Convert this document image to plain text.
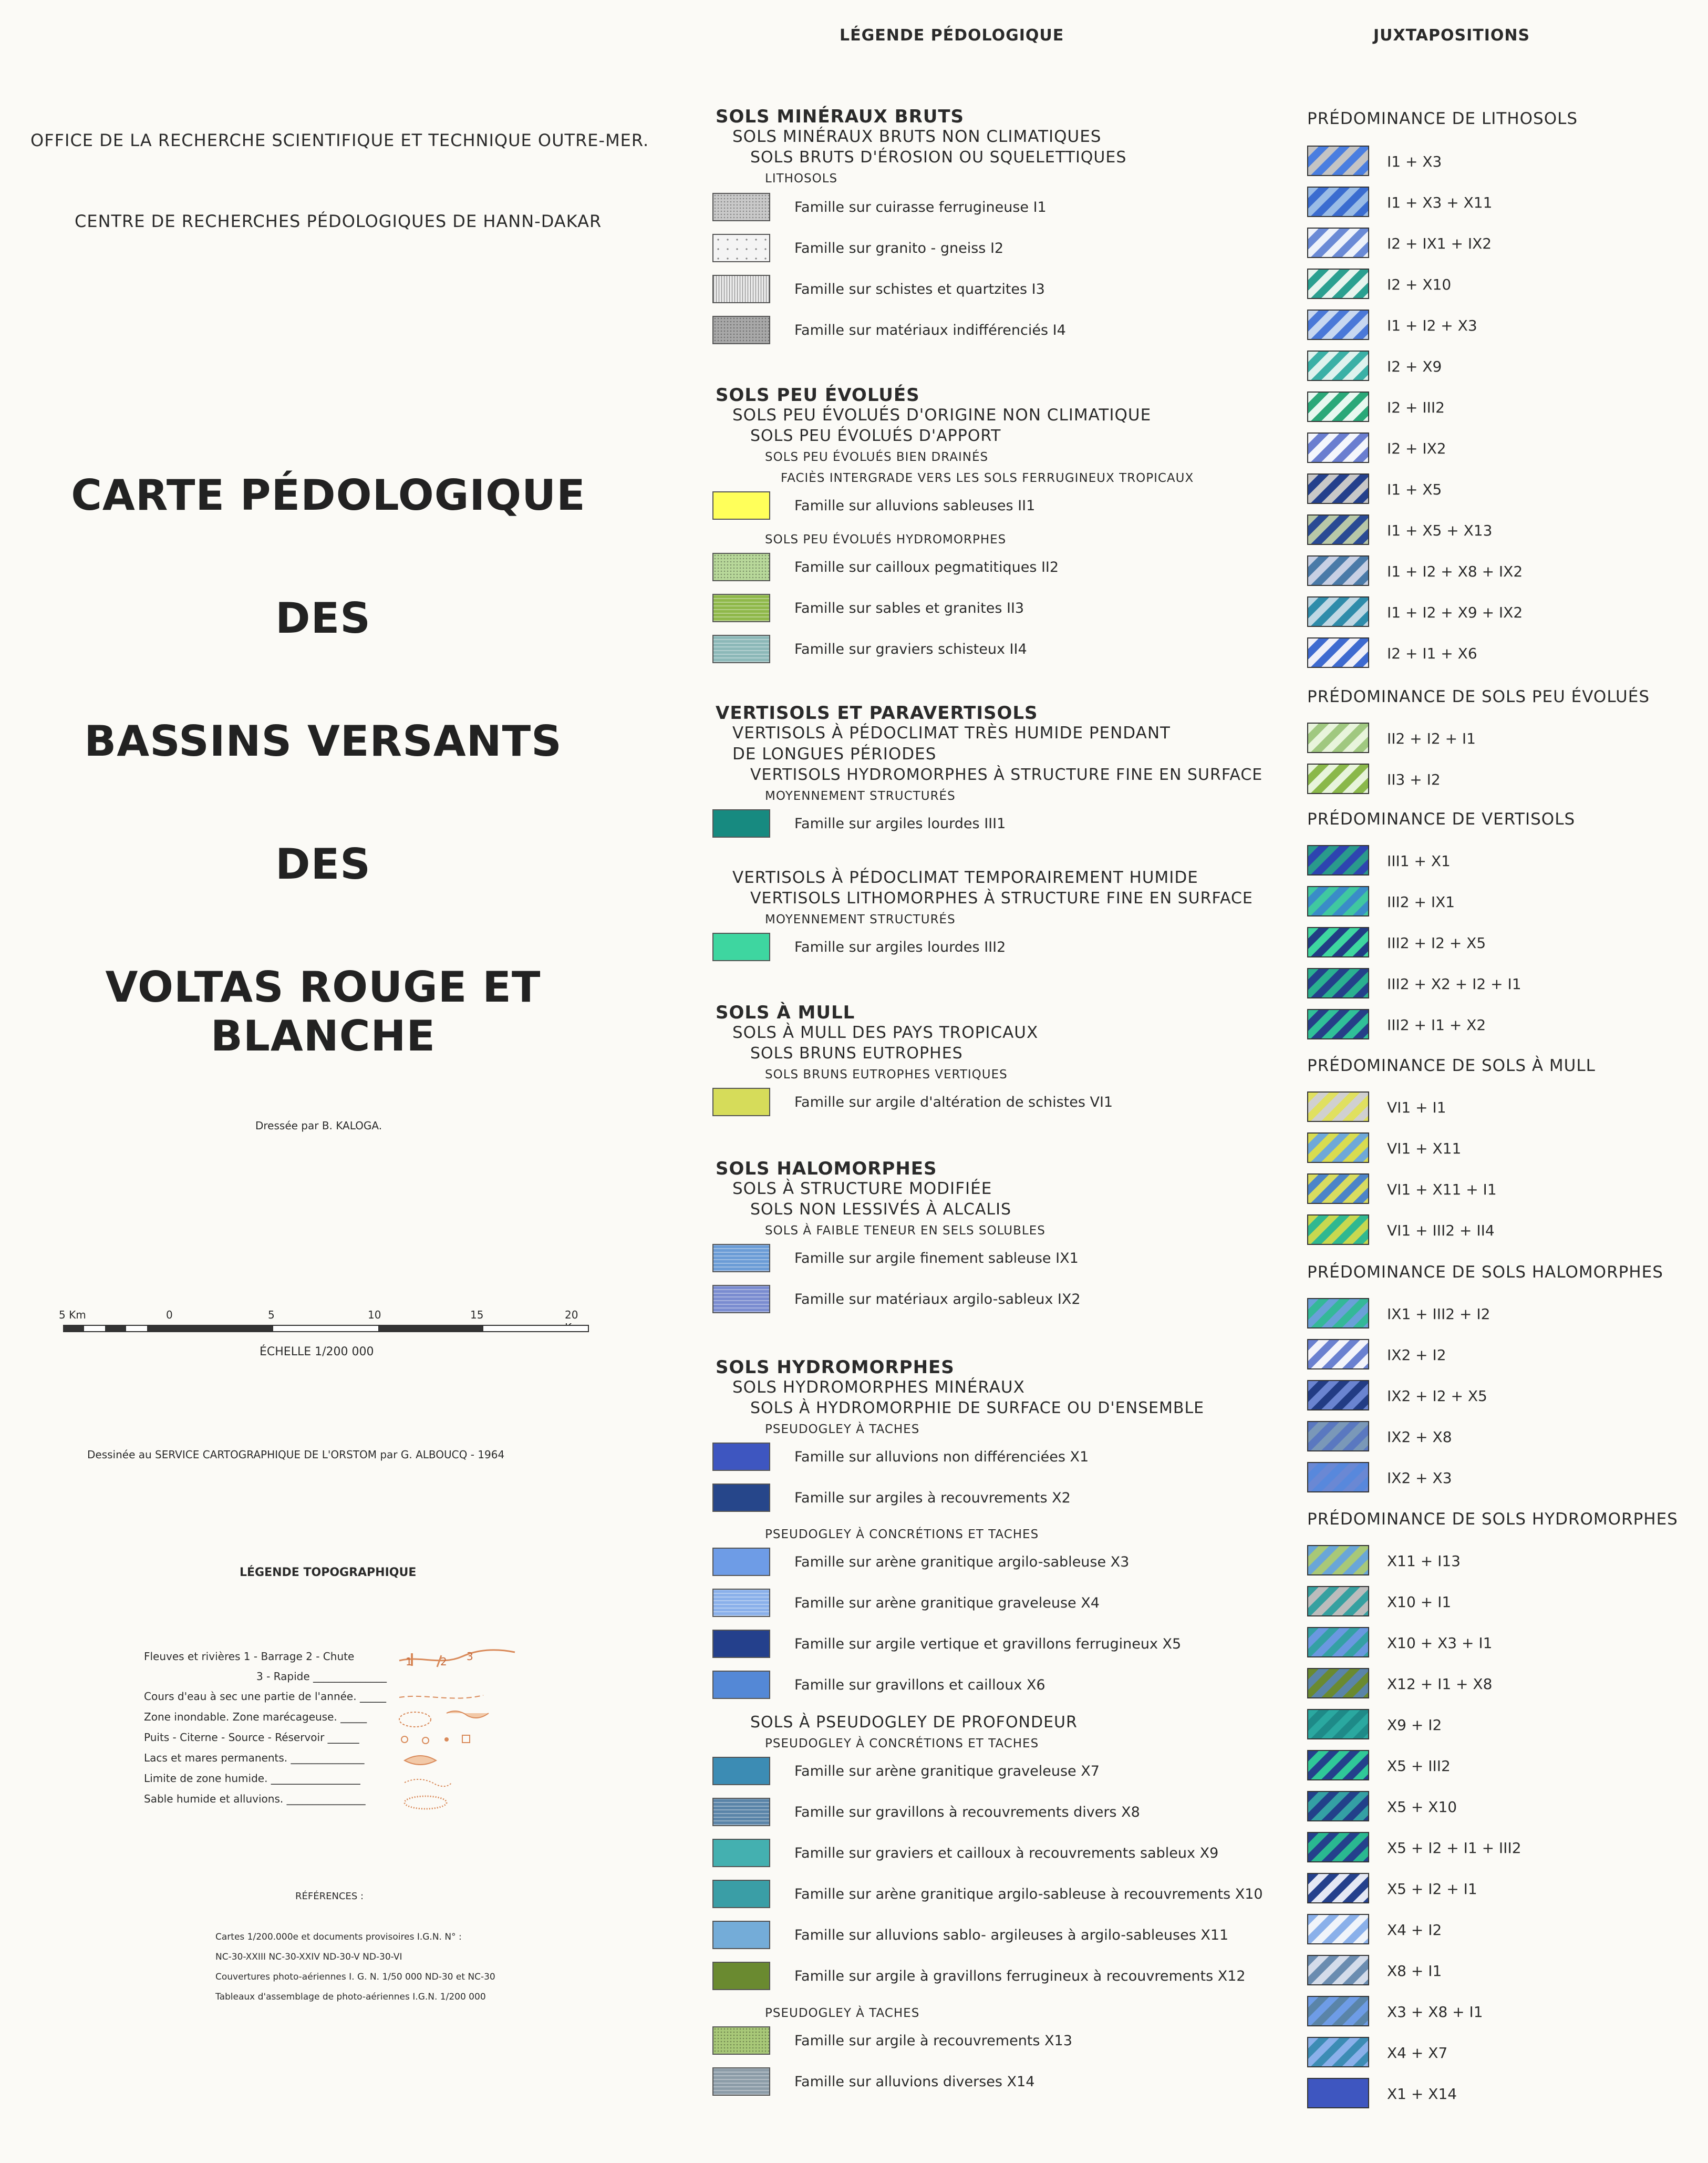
OFFICE DE LA RECHERCHE SCIENTIFIQUE ET TECHNIQUE OUTRE-MER.
CENTRE DE RECHERCHES PÉDOLOGIQUES DE HANN-DAKAR
CARTE PÉDOLOGIQUE
DES
BASSINS VERSANTS
DES
VOLTAS ROUGE ET BLANCHE
Dressée par B. KALOGA.
5 Km	0	5	10	15	20
ÉCHELLE 1/200 000
Dessinée au SERVICE CARTOGRAPHIQUE DE L'ORSTOM par G. ALBOUCQ - 1964
LÉGENDE TOPOGRAPHIQUE
Fleuves et rivières 1 - Barrage 2 - Chute
3 - Rapide ______________
Cours d'eau à sec une partie de l'année. _____
Zone inondable. Zone marécageuse. _____
Puits - Citerne - Source - Réservoir ______
Lacs et mares permanents. ______________
Limite de zone humide. _________________
Sable humide et alluvions. _______________
1	2 3
RÉFÉRENCES :
Cartes 1/200.000e et documents provisoires I.G.N. N° :
NC-30-XXIII NC-30-XXIV ND-30-V ND-30-VI
Couvertures photo-aériennes I. G. N. 1/50 000 ND-30 et NC-30
Tableaux d'assemblage de photo-aériennes I.G.N. 1/200 000
LÉGENDE PÉDOLOGIQUE
SOLS MINÉRAUX BRUTS
SOLS MINÉRAUX BRUTS NON CLIMATIQUES
SOLS BRUTS D'ÉROSION OU SQUELETTIQUES
LITHOSOLS
SOLS PEU ÉVOLUÉS
SOLS PEU ÉVOLUÉS D'ORIGINE NON CLIMATIQUE
SOLS PEU ÉVOLUÉS D'APPORT
SOLS PEU ÉVOLUÉS BIEN DRAINÉS
FACIÈS INTERGRADE VERS LES SOLS FERRUGINEUX TROPICAUX
SOLS PEU ÉVOLUÉS HYDROMORPHES
VERTISOLS ET PARAVERTISOLS
VERTISOLS À PÉDOCLIMAT TRÈS HUMIDE PENDANT
DE LONGUES PÉRIODES
VERTISOLS HYDROMORPHES À STRUCTURE FINE EN SURFACE
MOYENNEMENT STRUCTURÉS
VERTISOLS À PÉDOCLIMAT TEMPORAIREMENT HUMIDE
VERTISOLS LITHOMORPHES À STRUCTURE FINE EN SURFACE
MOYENNEMENT STRUCTURÉS
SOLS À MULL
SOLS À MULL DES PAYS TROPICAUX
SOLS BRUNS EUTROPHES
SOLS BRUNS EUTROPHES VERTIQUES
SOLS HALOMORPHES
SOLS À STRUCTURE MODIFIÉE
SOLS NON LESSIVÉS À ALCALIS
SOLS À FAIBLE TENEUR EN SELS SOLUBLES
SOLS HYDROMORPHES
SOLS HYDROMORPHES MINÉRAUX
SOLS À HYDROMORPHIE DE SURFACE OU D'ENSEMBLE
PSEUDOGLEY À TACHES
PSEUDOGLEY À CONCRÉTIONS ET TACHES
SOLS À PSEUDOGLEY DE PROFONDEUR
PSEUDOGLEY À CONCRÉTIONS ET TACHES
PSEUDOGLEY À TACHES
Famille sur cuirasse ferrugineuse I1
Famille sur granito - gneiss I2
Famille sur schistes et quartzites I3
Famille sur matériaux indifférenciés I4
Famille sur alluvions sableuses II1
Famille sur cailloux pegmatitiques II2
Famille sur sables et granites II3
Famille sur graviers schisteux II4
Famille sur argiles lourdes III1
Famille sur argiles lourdes III2
Famille sur argile d'altération de schistes VI1
Famille sur argile finement sableuse IX1
Famille sur matériaux argilo-sableux IX2
Famille sur alluvions non différenciées X1
Famille sur argiles à recouvrements X2
Famille sur arène granitique argilo-sableuse X3
Famille sur arène granitique graveleuse X4
Famille sur argile vertique et gravillons ferrugineux X5
Famille sur gravillons et cailloux X6
Famille sur arène granitique graveleuse X7
Famille sur gravillons à recouvrements divers X8
Famille sur graviers et cailloux à recouvrements sableux X9
Famille sur arène granitique argilo-sableuse à recouvrements X10
Famille sur alluvions sablo- argileuses à argilo-sableuses X11
Famille sur argile à gravillons ferrugineux à recouvrements X12
Famille sur argile à recouvrements X13
Famille sur alluvions diverses X14
JUXTAPOSITIONS
PRÉDOMINANCE DE LITHOSOLS
PRÉDOMINANCE DE SOLS PEU ÉVOLUÉS
PRÉDOMINANCE DE VERTISOLS
PRÉDOMINANCE DE SOLS À MULL
PRÉDOMINANCE DE SOLS HALOMORPHES
PRÉDOMINANCE DE SOLS HYDROMORPHES
I1 + X3
I1 + X3 + X11
I2 + IX1 + IX2
I2 + X10
I1 + I2 + X3
I2 + X9
I2 + III2
I2 + IX2
I1 + X5
I1 + X5 + X13
I1 + I2 + X8 + IX2
I1 + I2 + X9 + IX2
I2 + I1 + X6
II2 + I2 + I1
II3 + I2
III1 + X1
III2 + IX1
III2 + I2 + X5
III2 + X2 + I2 + I1
III2 + I1 + X2
VI1 + I1
VI1 + X11
VI1 + X11 + I1
VI1 + III2 + II4
IX1 + III2 + I2
IX2 + I2
IX2 + I2 + X5
IX2 + X8
IX2 + X3
X11 + I13
X10 + I1
X10 + X3 + I1
X12 + I1 + X8
X9 + I2
X5 + III2
X5 + X10
X5 + I2 + I1 + III2
X5 + I2 + I1
X4 + I2
X8 + I1
X3 + X8 + I1
X4 + X7
X1 + X14
